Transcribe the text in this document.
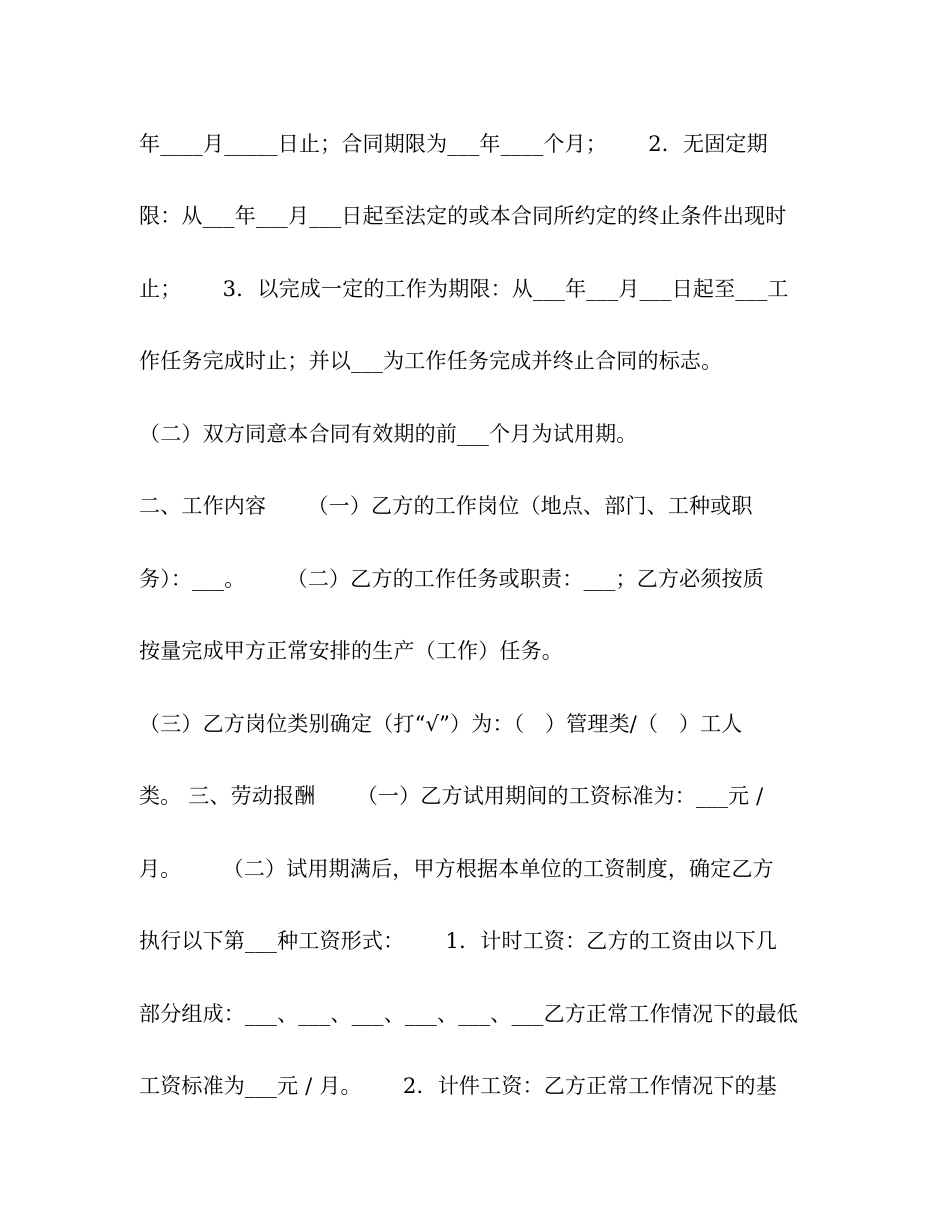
年____月_____日止；合同期限为___年____个月；      2．无固定期
限：从___年___月___日起至法定的或本合同所约定的终止条件出现时
止；      3．以完成一定的工作为期限：从___年___月___日起至___工
作任务完成时止；并以___为工作任务完成并终止合同的标志。
（二）双方同意本合同有效期的前___个月为试用期。
二、工作内容      （一）乙方的工作岗位（地点、部门、工种或职
务）：___。      （二）乙方的工作任务或职责：___；乙方必须按质
按量完成甲方正常安排的生产（工作）任务。
（三）乙方岗位类别确定（打“√”）为：（   ）管理类/（   ）工人
类。 三、劳动报酬      （一）乙方试用期间的工资标准为：___元 /
月。      （二）试用期满后，甲方根据本单位的工资制度，确定乙方
执行以下第___种工资形式：      1．计时工资：乙方的工资由以下几
部分组成：___、___、___、___、___、___乙方正常工作情况下的最低
工资标准为___元 / 月。      2．计件工资：乙方正常工作情况下的基
